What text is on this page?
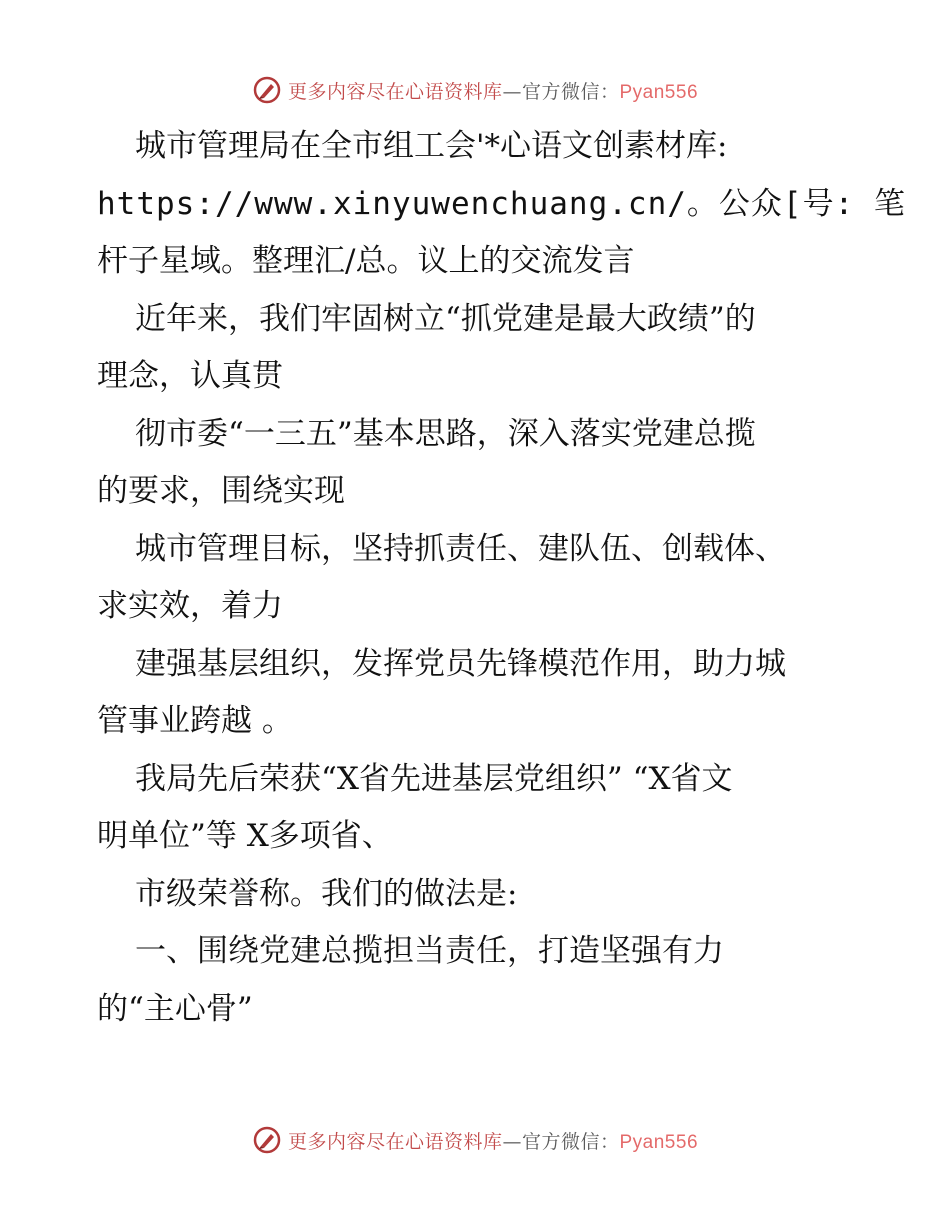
更多内容尽在心语资料库—官方微信：Pyan556
城市管理局在全市组工会'*心语文创素材库:
https://www.xinyuwenchuang.cn/。公众[号: 笔
杆子星域。整理汇/总。议上的交流发言
近年来，我们牢固树立“抓党建是最大政绩”的
理念，认真贯
彻市委“一三五”基本思路，深入落实党建总揽
的要求，围绕实现
城市管理目标，坚持抓责任、建队伍、创载体、
求实效，着力
建强基层组织，发挥党员先锋模范作用，助力城
管事业跨越 。
我局先后荣获“X省先进基层党组织” “X省文
明单位”等 X多项省、
市级荣誉称。我们的做法是:
一、围绕党建总揽担当责任，打造坚强有力
的“主心骨”
更多内容尽在心语资料库—官方微信：Pyan556
